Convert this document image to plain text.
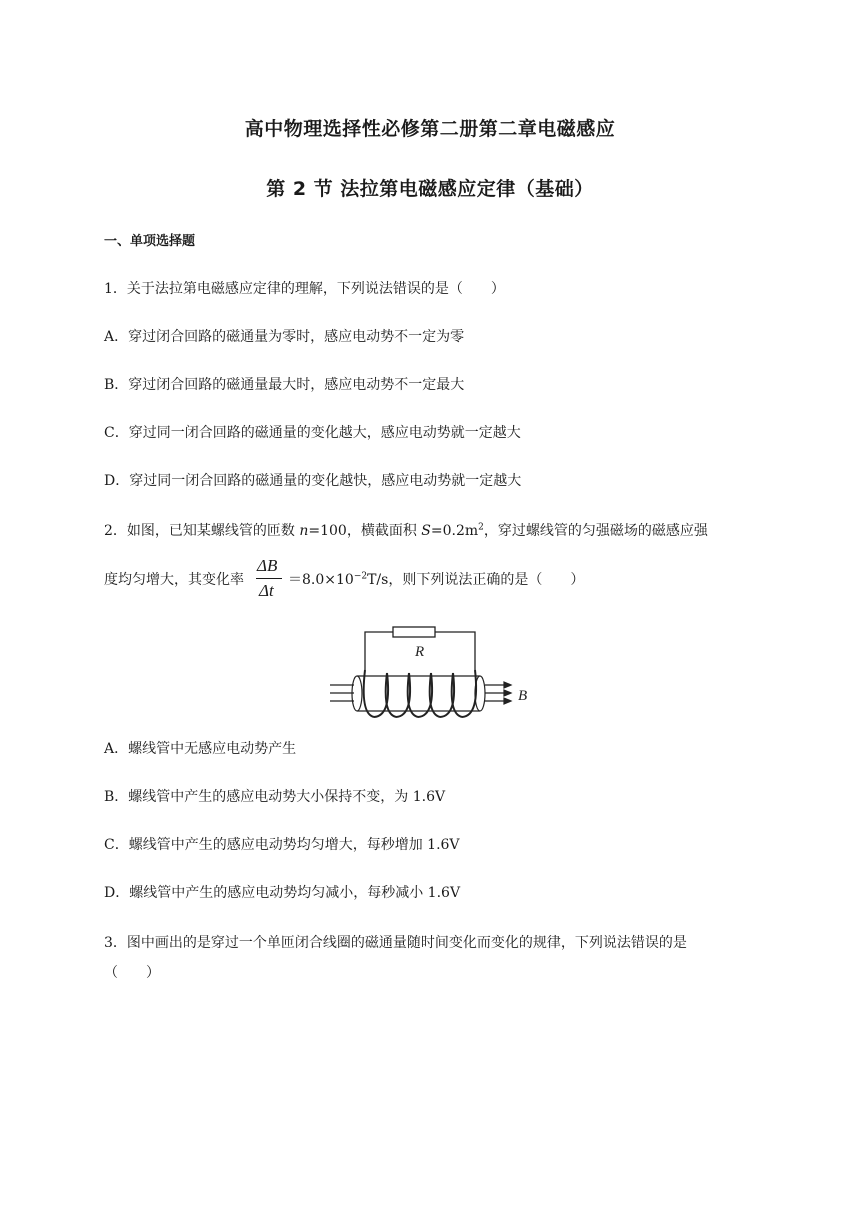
高中物理选择性必修第二册第二章电磁感应
第 2 节 法拉第电磁感应定律（基础）
一、单项选择题
1．关于法拉第电磁感应定律的理解，下列说法错误的是（　　）
A．穿过闭合回路的磁通量为零时，感应电动势不一定为零
B．穿过闭合回路的磁通量最大时，感应电动势不一定最大
C．穿过同一闭合回路的磁通量的变化越大，感应电动势就一定越大
D．穿过同一闭合回路的磁通量的变化越快，感应电动势就一定越大
2．如图，已知某螺线管的匝数 n=100，横截面积 $S=0.2m^2$，穿过螺线管的匀强磁场的磁感应强
度均匀增大，其变化率	$=8.0\times 10^{-2}T/s$，则下列说法正确的是（　　）
ΔB
Δt
R
B
A．螺线管中无感应电动势产生
B．螺线管中产生的感应电动势大小保持不变，为 1.6V
C．螺线管中产生的感应电动势均匀增大，每秒增加 1.6V
D．螺线管中产生的感应电动势均匀减小，每秒减小 1.6V
3．图中画出的是穿过一个单匝闭合线圈的磁通量随时间变化而变化的规律，下列说法错误的是
（　　）
